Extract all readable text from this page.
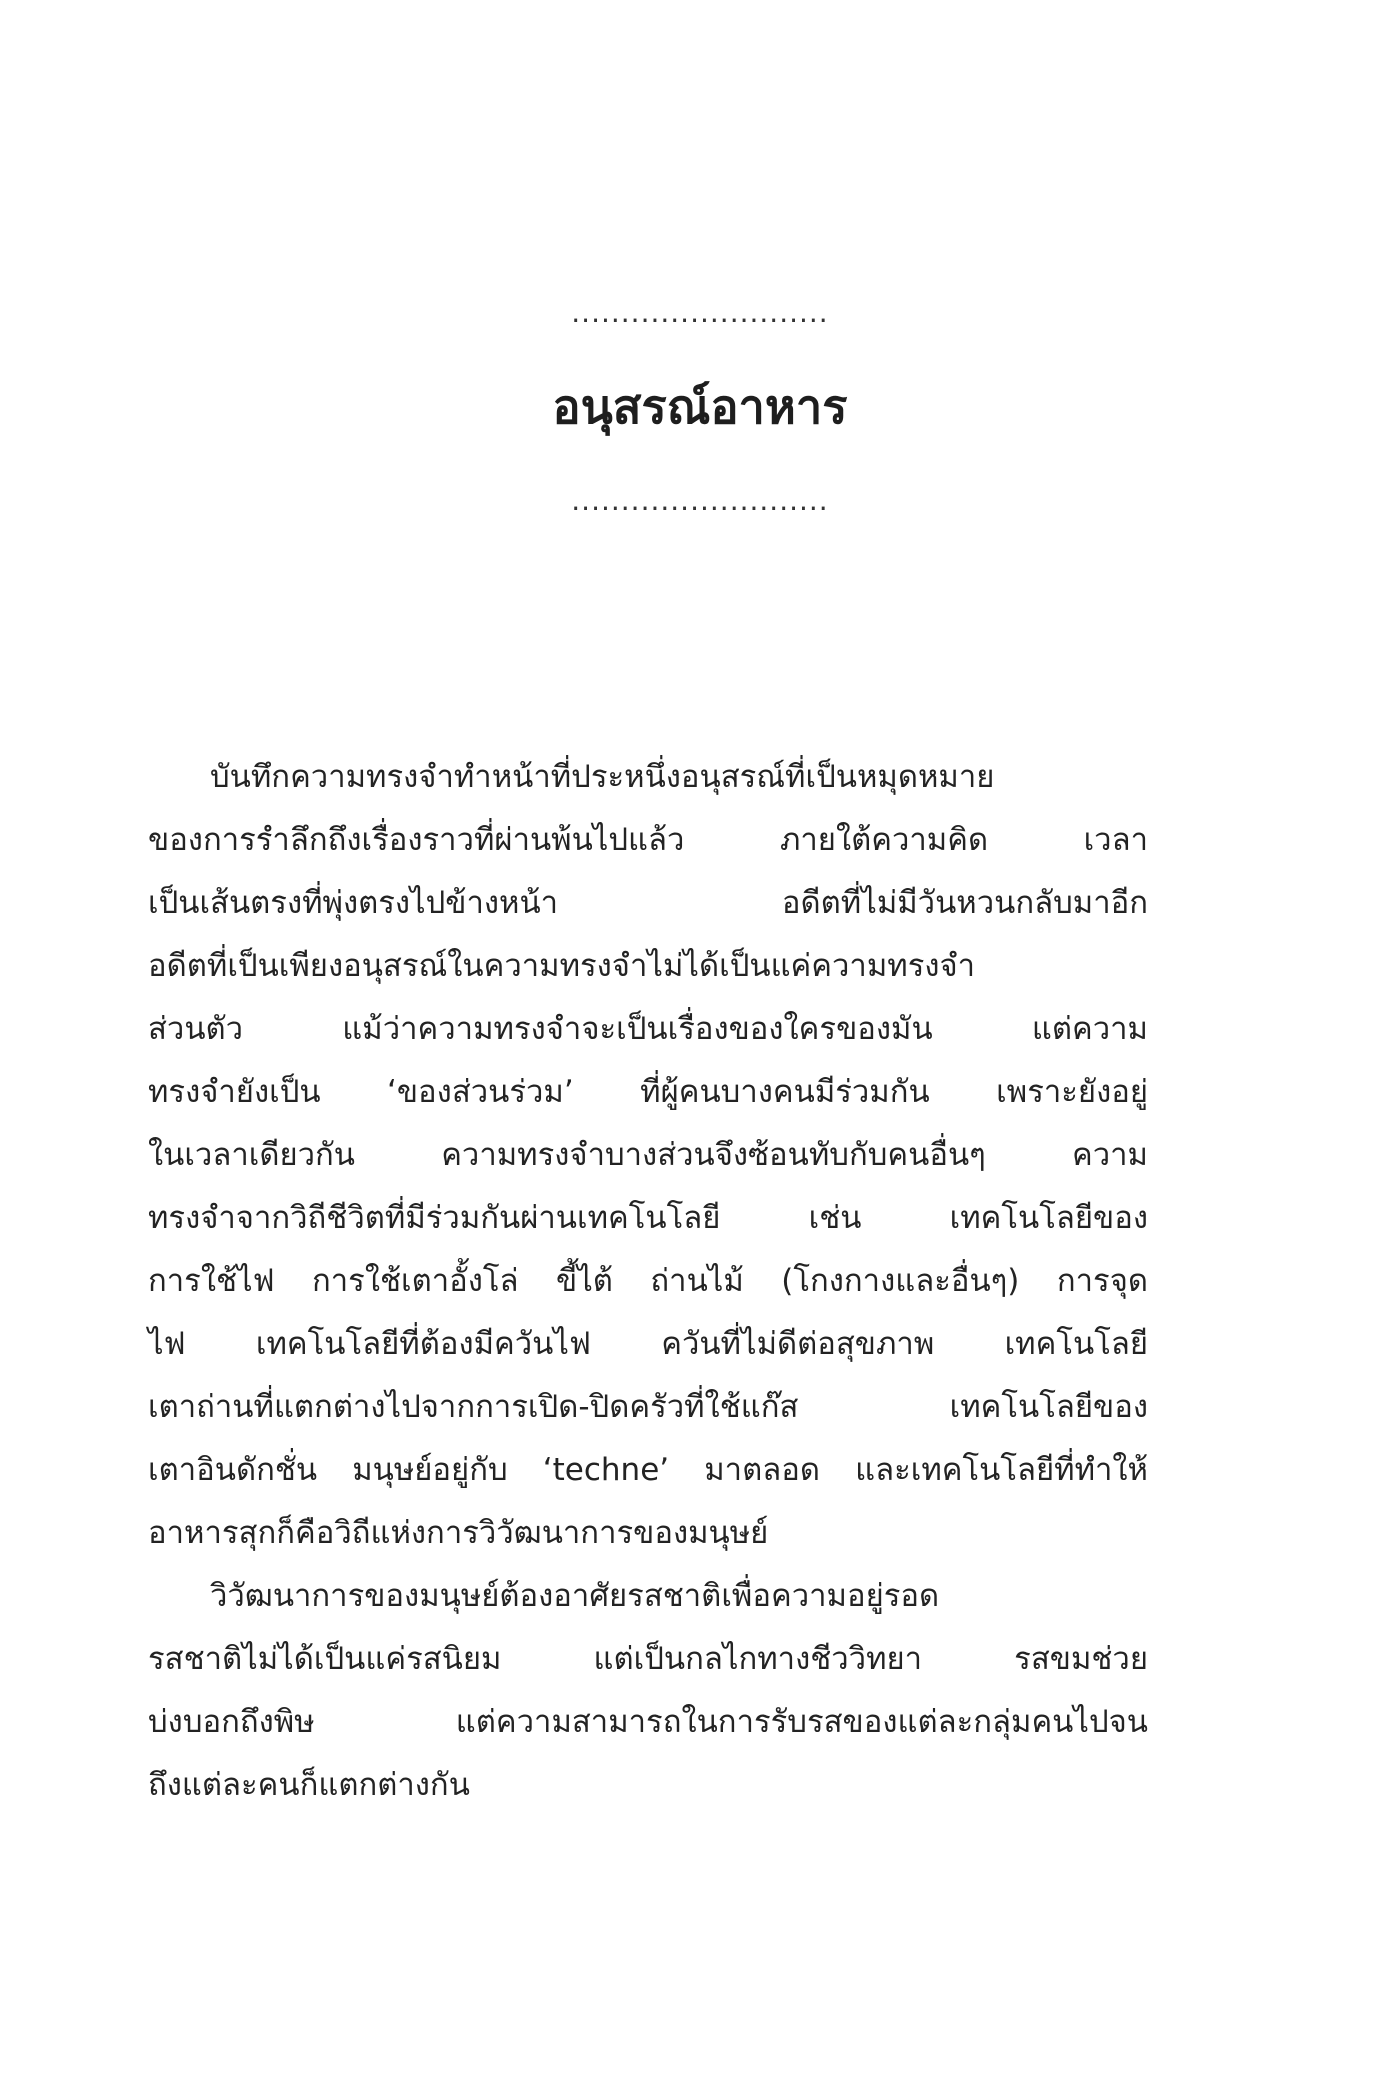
..........................
อนุสรณ์อาหาร
..........................
บันทึกความทรงจำทำหน้าที่ประหนึ่งอนุสรณ์ที่เป็นหมุดหมาย
ของการรำลึกถึงเรื่องราวที่ผ่านพ้นไปแล้ว ภายใต้ความคิด เวลา
เป็นเส้นตรงที่พุ่งตรงไปข้างหน้า อดีตที่ไม่มีวันหวนกลับมาอีก
อดีตที่เป็นเพียงอนุสรณ์ในความทรงจำไม่ได้เป็นแค่ความทรงจำ
ส่วนตัว แม้ว่าความทรงจำจะเป็นเรื่องของใครของมัน แต่ความ
ทรงจำยังเป็น ‘ของส่วนร่วม’ ที่ผู้คนบางคนมีร่วมกัน เพราะยังอยู่
ในเวลาเดียวกัน ความทรงจำบางส่วนจึงซ้อนทับกับคนอื่นๆ ความ
ทรงจำจากวิถีชีวิตที่มีร่วมกันผ่านเทคโนโลยี เช่น เทคโนโลยีของ
การใช้ไฟ การใช้เตาอั้งโล่ ขี้ไต้ ถ่านไม้ (โกงกางและอื่นๆ) การจุด
ไฟ เทคโนโลยีที่ต้องมีควันไฟ ควันที่ไม่ดีต่อสุขภาพ เทคโนโลยี
เตาถ่านที่แตกต่างไปจากการเปิด-ปิดครัวที่ใช้แก๊ส เทคโนโลยีของ
เตาอินดักชั่น มนุษย์อยู่กับ ‘techne’ มาตลอด และเทคโนโลยีที่ทำให้
อาหารสุกก็คือวิถีแห่งการวิวัฒนาการของมนุษย์
วิวัฒนาการของมนุษย์ต้องอาศัยรสชาติเพื่อความอยู่รอด
รสชาติไม่ได้เป็นแค่รสนิยม แต่เป็นกลไกทางชีววิทยา รสขมช่วย
บ่งบอกถึงพิษ แต่ความสามารถในการรับรสของแต่ละกลุ่มคนไปจน
ถึงแต่ละคนก็แตกต่างกัน
